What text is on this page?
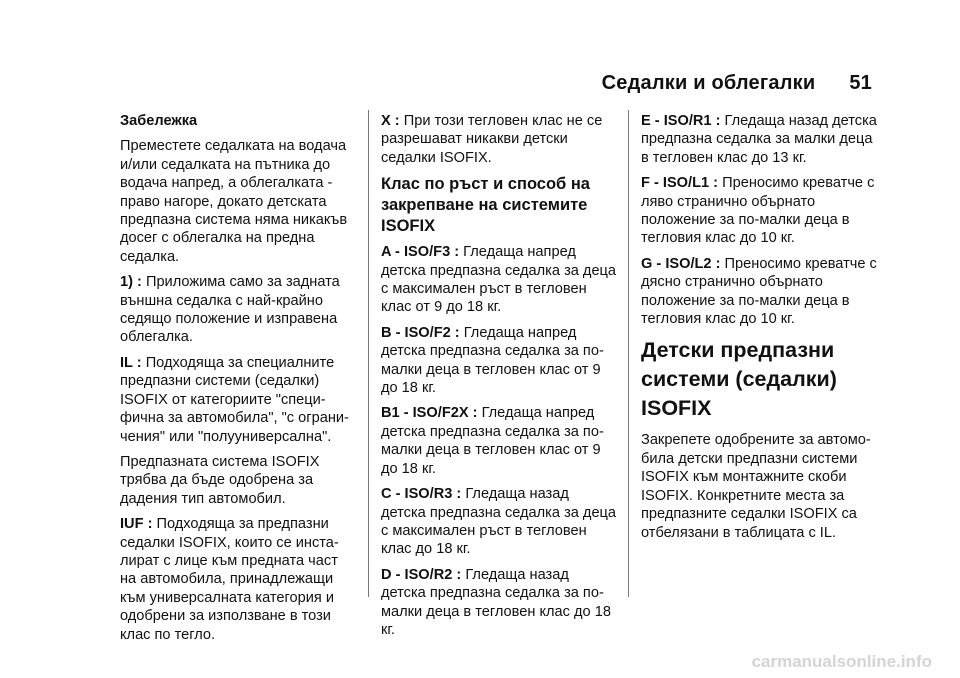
Седалки и облегалки 51

Забележка

Преместете седалката на водача и/или седалката на пътника до водача напред, а облегалката - право нагоре, докато детската предпазна система няма никакъв досег с облегалка на предна седалка.

1) : Приложима само за задната външна седалка с най-крайно седящо положение и изправена облегалка.

IL : Подходяща за специалните предпазни системи (седалки) ISOFIX от категориите "специ-фична за автомобила", "с ограни-чения" или "полууниверсална".

Предпазната система ISOFIX трябва да бъде одобрена за дадения тип автомобил.

IUF : Подходяща за предпазни седалки ISOFIX, които се инста-лират с лице към предната част на автомобила, принадлежащи към универсалната категория и одобрени за използване в този клас по тегло.

X : При този тегловен клас не се разрешават никакви детски седалки ISOFIX.

Клас по ръст и способ на закрепване на системите ISOFIX

A - ISO/F3 : Гледаща напред детска предпазна седалка за деца с максимален ръст в тегловен клас от 9 до 18 кг.

B - ISO/F2 : Гледаща напред детска предпазна седалка за по-малки деца в тегловен клас от 9 до 18 кг.

B1 - ISO/F2X : Гледаща напред детска предпазна седалка за по-малки деца в тегловен клас от 9 до 18 кг.

C - ISO/R3 : Гледаща назад детска предпазна седалка за деца с максимален ръст в тегловен клас до 18 кг.

D - ISO/R2 : Гледаща назад детска предпазна седалка за по-малки деца в тегловен клас до 18 кг.

E - ISO/R1 : Гледаща назад детска предпазна седалка за малки деца в тегловен клас до 13 кг.

F - ISO/L1 : Преносимо креватче с ляво странично обърнато положение за по-малки деца в тегловия клас до 10 кг.

G - ISO/L2 : Преносимо креватче с дясно странично обърнато положение за по-малки деца в тегловия клас до 10 кг.

Детски предпазни системи (седалки) ISOFIX

Закрепете одобрените за автомо-била детски предпазни системи ISOFIX към монтажните скоби ISOFIX. Конкретните места за предпазните седалки ISOFIX са отбелязани в таблицата с IL.

carmanualsonline.info
